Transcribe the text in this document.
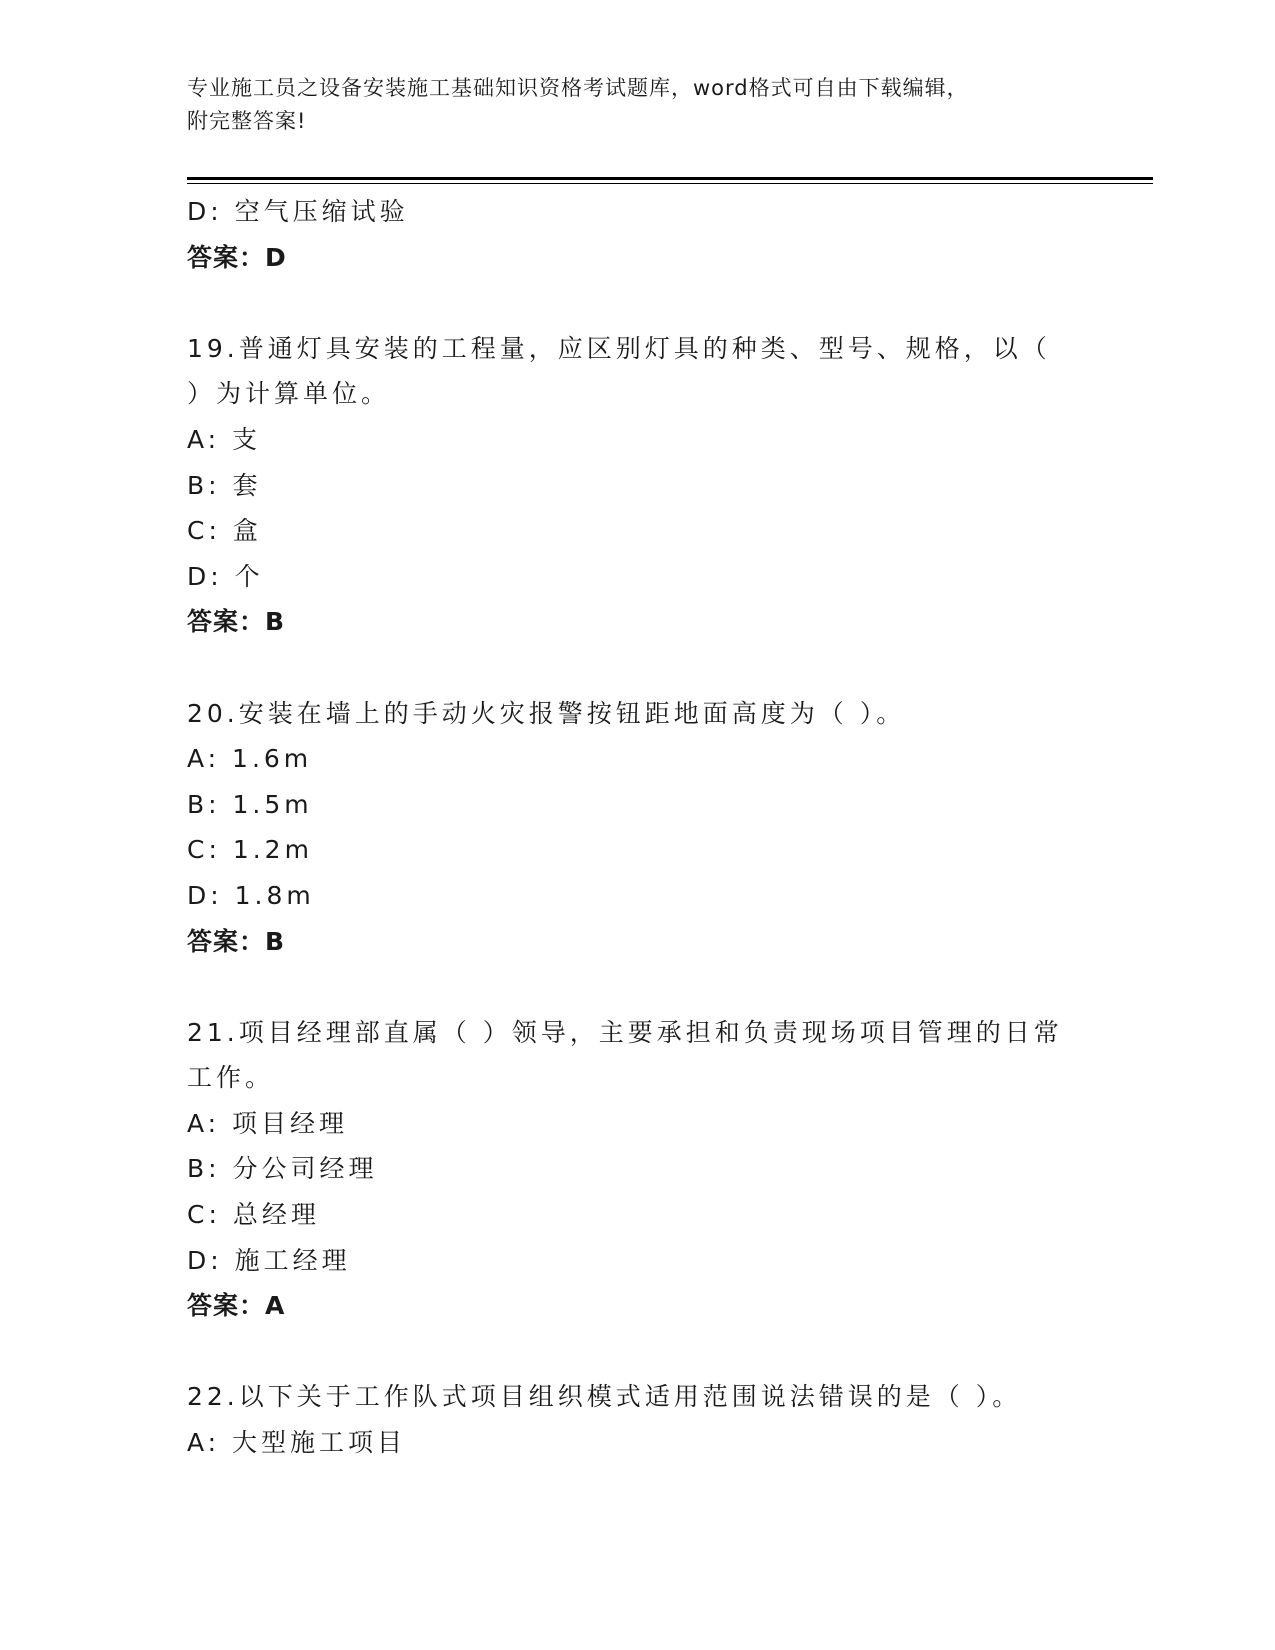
专业施工员之设备安装施工基础知识资格考试题库，word格式可自由下载编辑，
附完整答案!
D: 空气压缩试验
答案：D
19.普通灯具安装的工程量，应区别灯具的种类、型号、规格，以（
）为计算单位。
A: 支
B: 套
C: 盒
D: 个
答案：B
20.安装在墙上的手动火灾报警按钮距地面高度为（ ）。
A: 1.6m
B: 1.5m
C: 1.2m
D: 1.8m
答案：B
21.项目经理部直属（ ）领导，主要承担和负责现场项目管理的日常
工作。
A: 项目经理
B: 分公司经理
C: 总经理
D: 施工经理
答案：A
22.以下关于工作队式项目组织模式适用范围说法错误的是（ ）。
A: 大型施工项目
